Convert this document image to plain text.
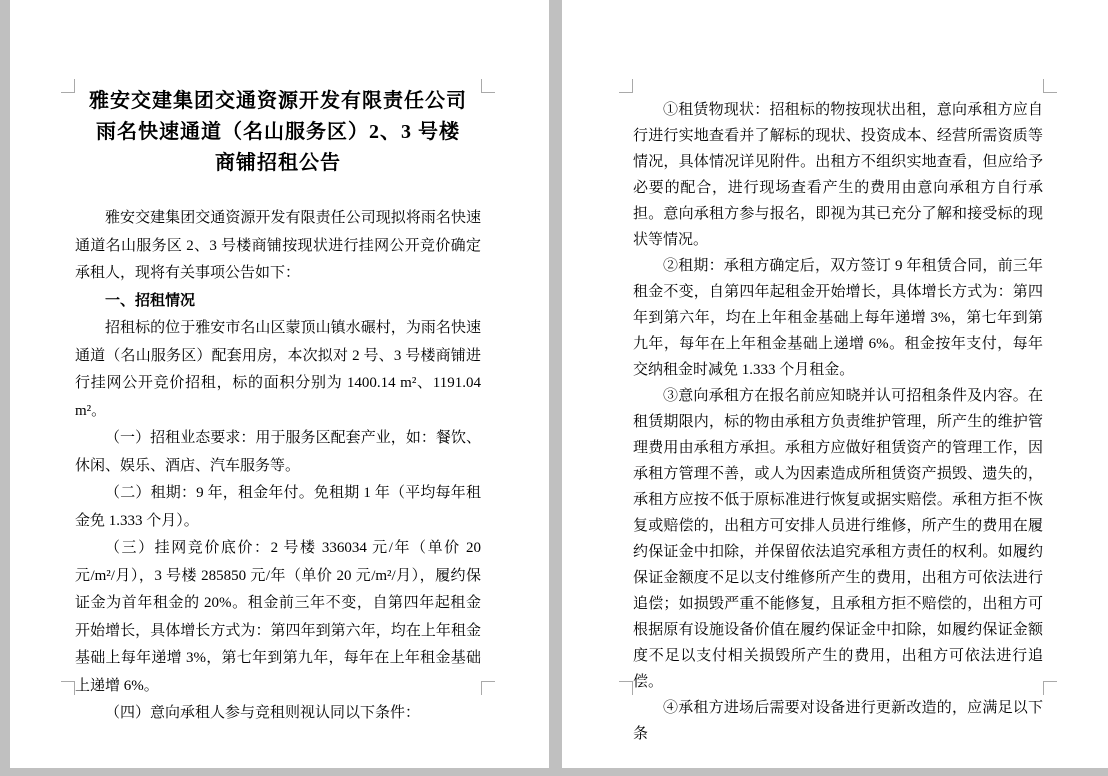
雅安交建集团交通资源开发有限责任公司
雨名快速通道（名山服务区）2、3 号楼
商铺招租公告

雅安交建集团交通资源开发有限责任公司现拟将雨名快速通道名山服务区 2、3 号楼商铺按现状进行挂网公开竞价确定承租人，现将有关事项公告如下：

一、招租情况

招租标的位于雅安市名山区蒙顶山镇水碾村，为雨名快速通道（名山服务区）配套用房，本次拟对 2 号、3 号楼商铺进行挂网公开竞价招租，标的面积分别为 1400.14 m²、1191.04 m²。

（一）招租业态要求：用于服务区配套产业，如：餐饮、休闲、娱乐、酒店、汽车服务等。

（二）租期：9 年，租金年付。免租期 1 年（平均每年租金免 1.333 个月）。

（三）挂网竞价底价：2 号楼 336034 元/年（单价 20 元/m²/月），3 号楼 285850 元/年（单价 20 元/m²/月），履约保证金为首年租金的 20%。租金前三年不变，自第四年起租金开始增长，具体增长方式为：第四年到第六年，均在上年租金基础上每年递增 3%，第七年到第九年，每年在上年租金基础上递增 6%。

（四）意向承租人参与竞租则视认同以下条件：

①租赁物现状：招租标的物按现状出租，意向承租方应自行进行实地查看并了解标的现状、投资成本、经营所需资质等情况，具体情况详见附件。出租方不组织实地查看，但应给予必要的配合，进行现场查看产生的费用由意向承租方自行承担。意向承租方参与报名，即视为其已充分了解和接受标的现状等情况。

②租期：承租方确定后，双方签订 9 年租赁合同，前三年租金不变，自第四年起租金开始增长，具体增长方式为：第四年到第六年，均在上年租金基础上每年递增 3%，第七年到第九年，每年在上年租金基础上递增 6%。租金按年支付，每年交纳租金时减免 1.333 个月租金。

③意向承租方在报名前应知晓并认可招租条件及内容。在租赁期限内，标的物由承租方负责维护管理，所产生的维护管理费用由承租方承担。承租方应做好租赁资产的管理工作，因承租方管理不善，或人为因素造成所租赁资产损毁、遗失的，承租方应按不低于原标准进行恢复或据实赔偿。承租方拒不恢复或赔偿的，出租方可安排人员进行维修，所产生的费用在履约保证金中扣除，并保留依法追究承租方责任的权利。如履约保证金额度不足以支付维修所产生的费用，出租方可依法进行追偿；如损毁严重不能修复，且承租方拒不赔偿的，出租方可根据原有设施设备价值在履约保证金中扣除，如履约保证金额度不足以支付相关损毁所产生的费用，出租方可依法进行追偿。

④承租方进场后需要对设备进行更新改造的，应满足以下条
